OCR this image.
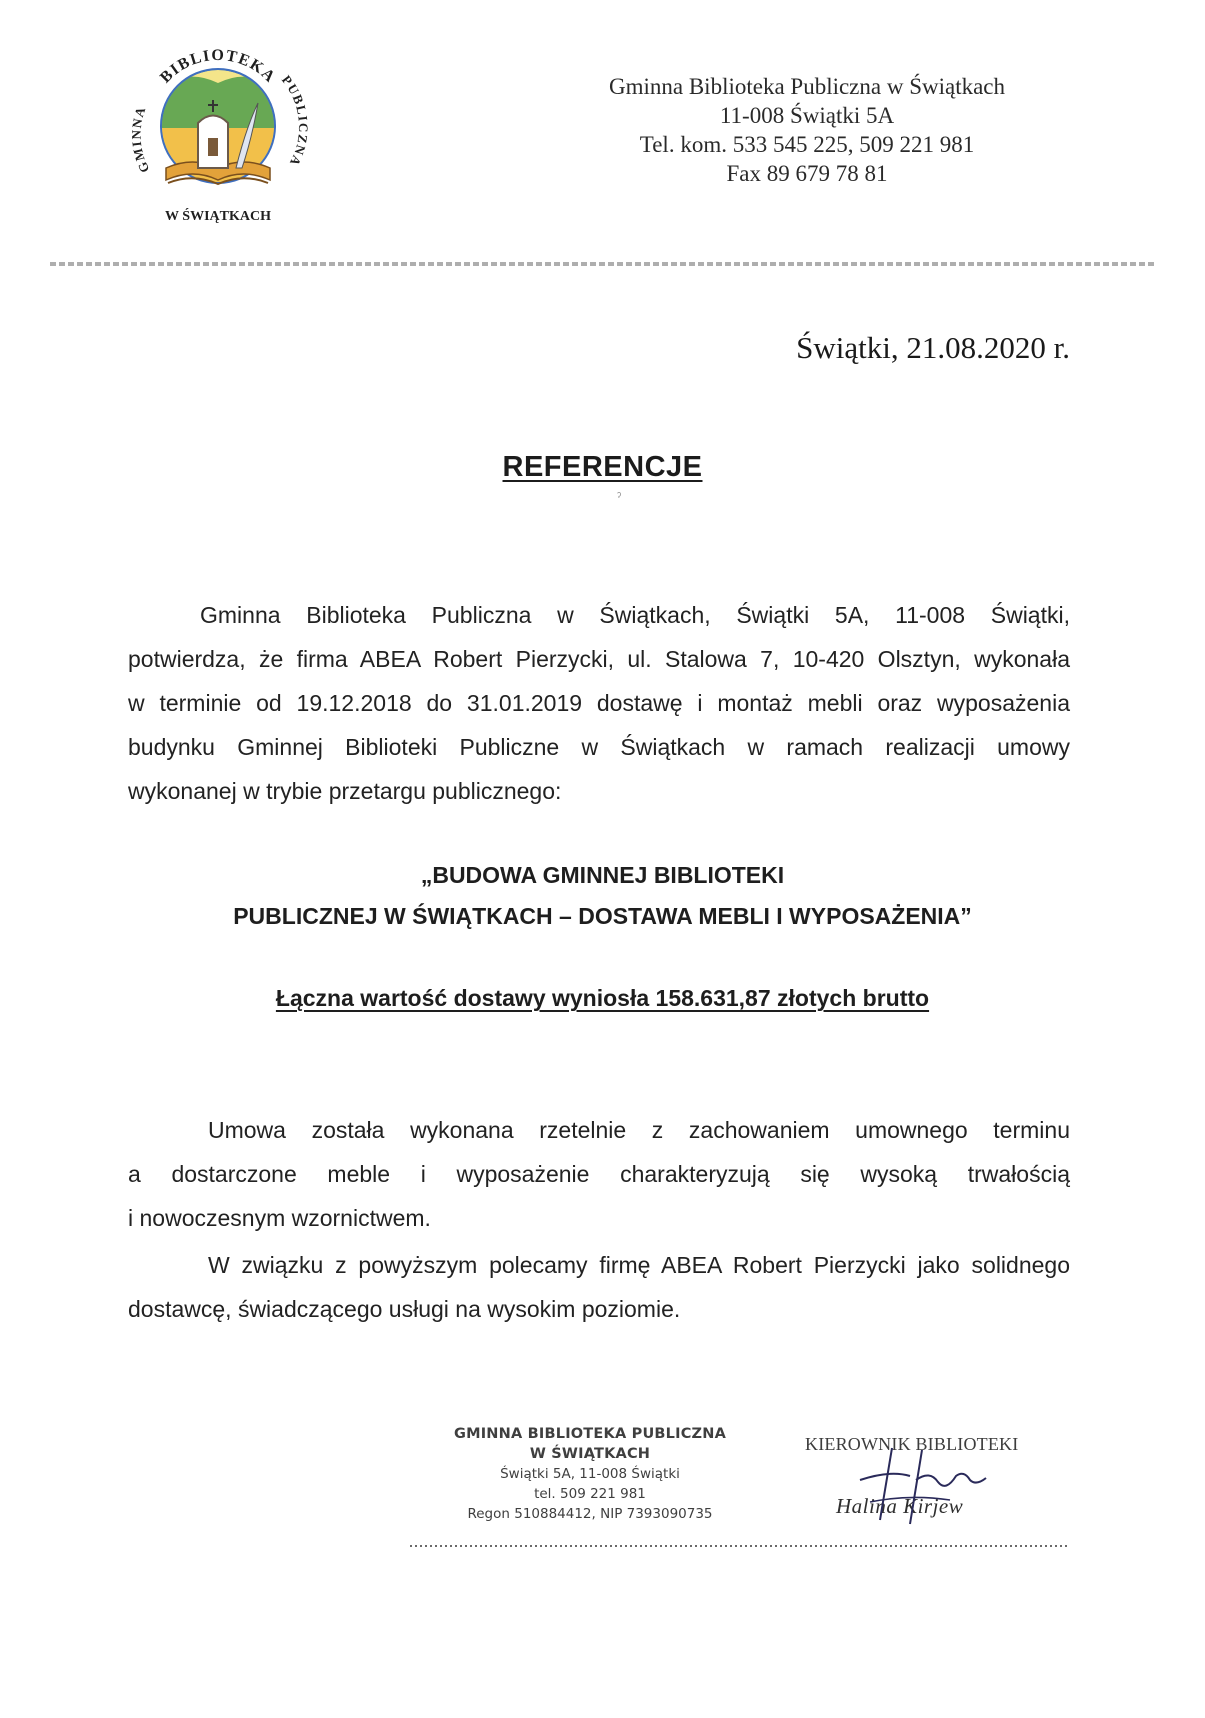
BIBLIOTEKA
GMINNA
PUBLICZNA
W ŚWIĄTKACH
Gminna Biblioteka Publiczna w Świątkach
11-008 Świątki 5A
Tel. kom. 533 545 225, 509 221 981
Fax 89 679 78 81
Świątki, 21.08.2020 r.
REFERENCJE
ˀ
Gminna Biblioteka Publiczna w Świątkach, Świątki 5A, 11-008 Świątki,
potwierdza, że firma ABEA Robert Pierzycki, ul. Stalowa 7, 10-420 Olsztyn, wykonała
w terminie od 19.12.2018 do 31.01.2019 dostawę i montaż mebli oraz wyposażenia
budynku Gminnej Biblioteki Publiczne w Świątkach w ramach realizacji umowy
wykonanej w trybie przetargu publicznego:
„BUDOWA GMINNEJ BIBLIOTEKI
PUBLICZNEJ W ŚWIĄTKACH – DOSTAWA MEBLI I WYPOSAŻENIA”
Łączna wartość dostawy wyniosła 158.631,87 złotych brutto
Umowa została wykonana rzetelnie z zachowaniem umownego terminu
a dostarczone meble i wyposażenie charakteryzują się wysoką trwałością
i nowoczesnym wzornictwem.
W związku z powyższym polecamy firmę ABEA Robert Pierzycki jako solidnego
dostawcę, świadczącego usługi na wysokim poziomie.
GMINNA BIBLIOTEKA PUBLICZNA
W ŚWIĄTKACH
Świątki 5A, 11-008 Świątki
tel. 509 221 981
Regon 510884412, NIP 7393090735
KIEROWNIK BIBLIOTEKI
Halina Kirjew
